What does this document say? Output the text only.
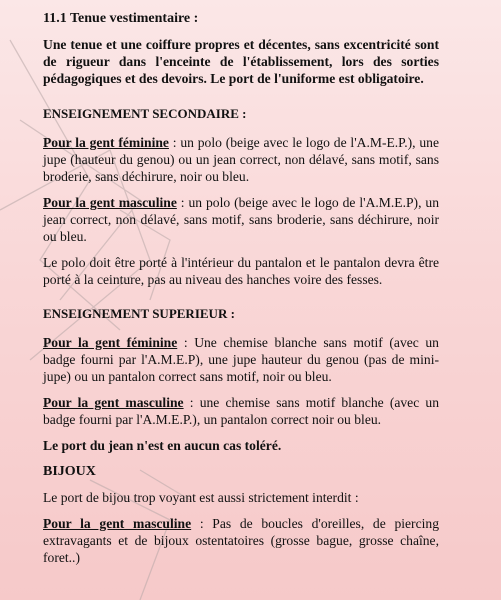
11.1 Tenue vestimentaire :
Une tenue et une coiffure propres et décentes, sans excentricité sont de rigueur dans l'enceinte de l'établissement, lors des sorties pédagogiques et des devoirs. Le port de l'uniforme est obligatoire.
ENSEIGNEMENT SECONDAIRE :

Pour la gent féminine : un polo (beige avec le logo de l'A.M-E.P.), une jupe (hauteur du genou) ou un jean correct, non délavé, sans motif, sans broderie, sans déchirure, noir ou bleu.

Pour la gent masculine : un polo (beige avec le logo de l'A.M.E.P), un jean correct, non délavé, sans motif, sans broderie, sans déchirure, noir ou bleu.

Le polo doit être porté à l'intérieur du pantalon et le pantalon devra être porté à la ceinture, pas au niveau des hanches voire des fesses.

ENSEIGNEMENT SUPERIEUR :

Pour la gent féminine : Une chemise blanche sans motif (avec un badge fourni par l'A.M.E.P), une jupe hauteur du genou (pas de mini-jupe) ou un pantalon correct sans motif, noir ou bleu.

Pour la gent masculine : une chemise sans motif blanche (avec un badge fourni par l'A.M.E.P.), un pantalon correct noir ou bleu.

Le port du jean n'est en aucun cas toléré.

BIJOUX

Le port de bijou trop voyant est aussi strictement interdit :

Pour la gent masculine : Pas de boucles d'oreilles, de piercing extravagants et de bijoux ostentatoires (grosse bague, grosse chaîne, foret..)
